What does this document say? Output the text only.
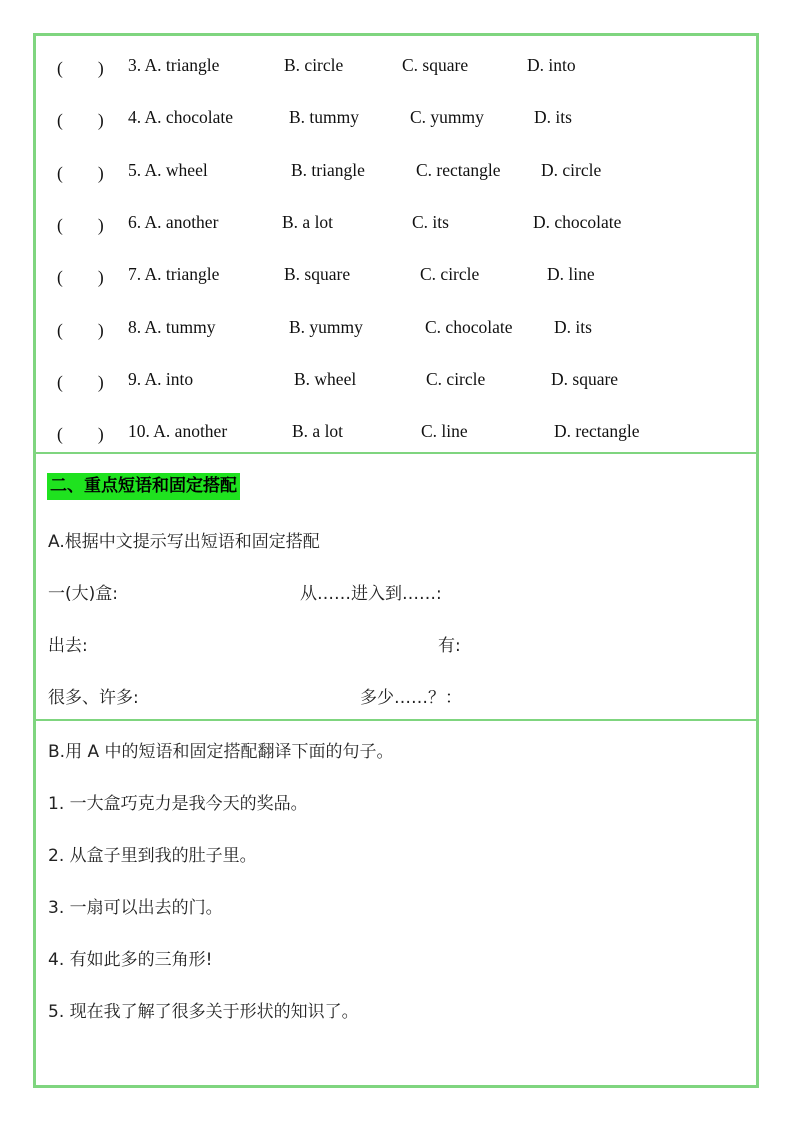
(　　) 3. A. triangle	B. circle	C. square	D. into
(　　) 4. A. chocolate	B. tummy	C. yummy	D. its
(　　) 5. A. wheel	B. triangle	C. rectangle D. circle
(　　) 6. A. another	B. a lot	C. its	D. chocolate
(　　) 7. A. triangle	B. square	C. circle	D. line
(　　) 8. A. tummy	B. yummy	C. chocolate D. its
(　　) 9. A. into	B. wheel	C. circle	D. square
(　　) 10. A. another	B. a lot	C. line	D. rectangle
二、重点短语和固定搭配
A.根据中文提示写出短语和固定搭配
一(大)盒:	从……进入到……:
出去:	有:
很多、许多:	多少……？：
B.用 A 中的短语和固定搭配翻译下面的句子。
1. 一大盒巧克力是我今天的奖品。
2. 从盒子里到我的肚子里。
3. 一扇可以出去的门。
4. 有如此多的三角形!
5. 现在我了解了很多关于形状的知识了。
